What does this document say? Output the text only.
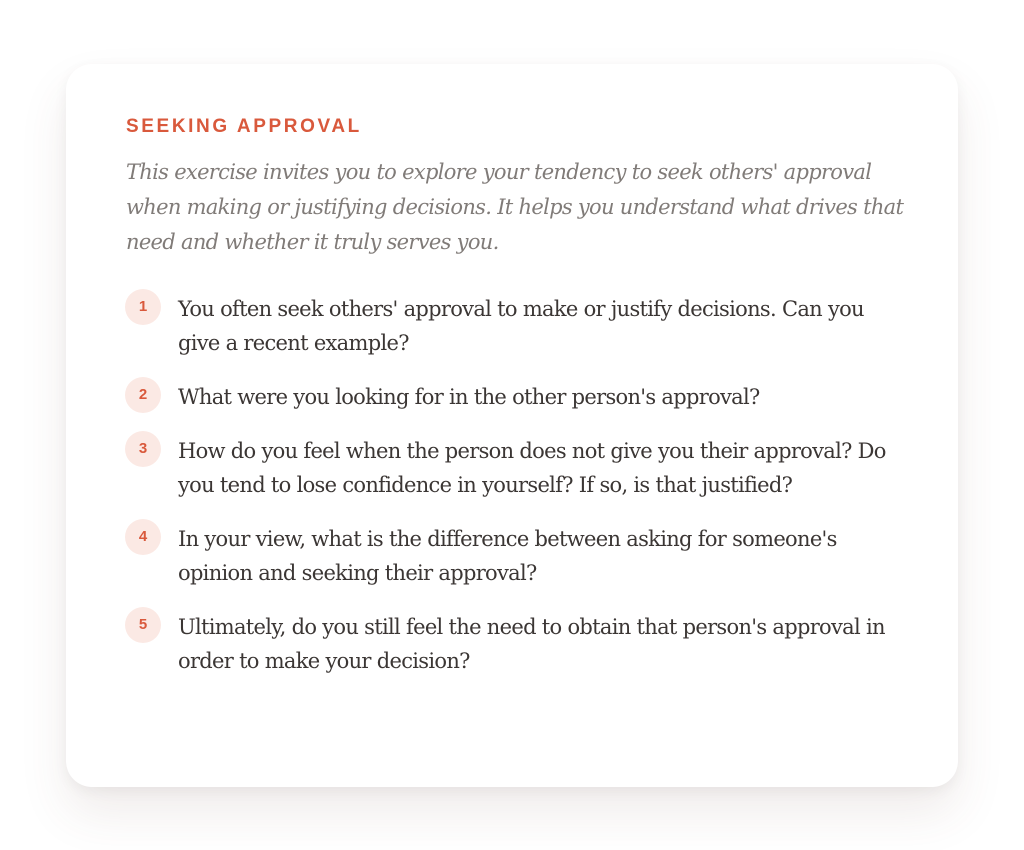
SEEKING APPROVAL

This exercise invites you to explore your tendency to seek others' approval when making or justifying decisions. It helps you understand what drives that need and whether it truly serves you.

1	You often seek others' approval to make or justify decisions. Can you give a recent example?
2	What were you looking for in the other person's approval?
3	How do you feel when the person does not give you their approval? Do you tend to lose confidence in yourself? If so, is that justified?
4	In your view, what is the difference between asking for someone's opinion and seeking their approval?
5	Ultimately, do you still feel the need to obtain that person's approval in order to make your decision?
